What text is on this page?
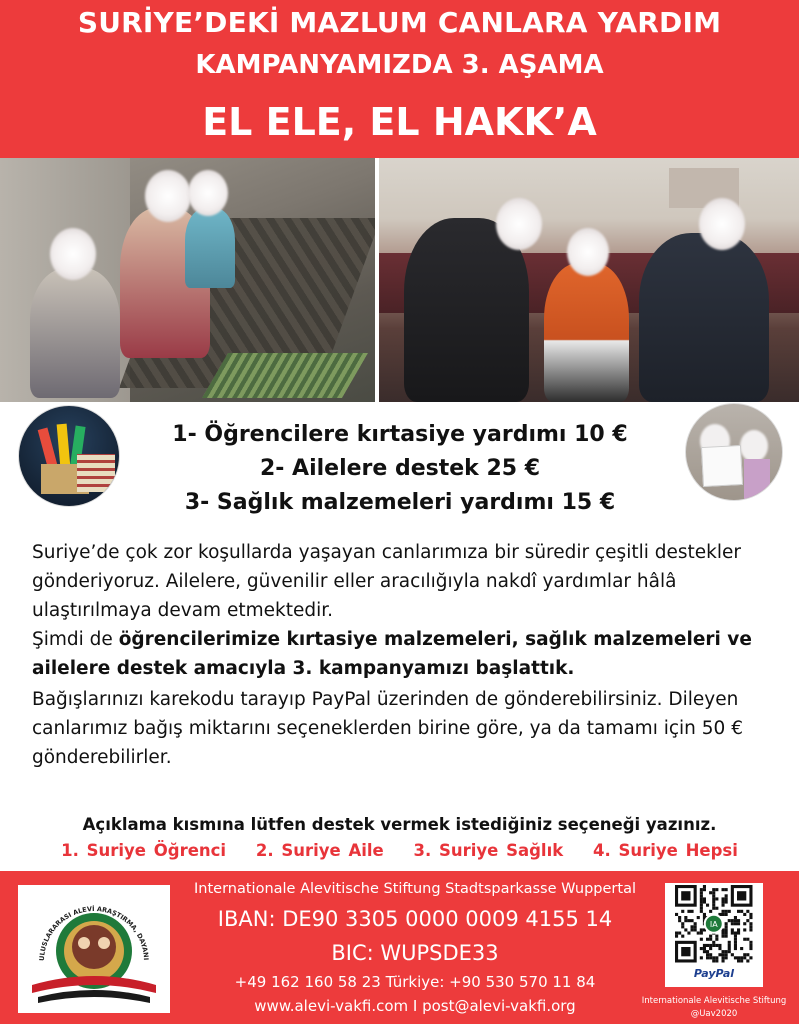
SURİYE’DEKİ MAZLUM CANLARA YARDIM
KAMPANYAMIZDA 3. AŞAMA
EL ELE, EL HAKK’A
1- Öğrencilere kırtasiye yardımı 10 €
2- Ailelere destek 25 €
3- Sağlık malzemeleri yardımı 15 €
Suriye’de çok zor koşullarda yaşayan canlarımıza bir süredir çeşitli destekler gönderiyoruz. Ailelere, güvenilir eller aracılığıyla nakdî yardımlar hâlâ ulaştırılmaya devam etmektedir.
Şimdi de öğrencilerimize kırtasiye malzemeleri, sağlık malzemeleri ve ailelere destek amacıyla 3. kampanyamızı başlattık.
Bağışlarınızı karekodu tarayıp PayPal üzerinden de gönderebilirsiniz. Dileyen canlarımız bağış miktarını seçeneklerden birine göre, ya da tamamı için 50 € gönderebilirler.
Açıklama kısmına lütfen destek vermek istediğiniz seçeneği yazınız.
1. Suriye Öğrenci 2. Suriye Aile 3. Suriye Sağlık 4. Suriye Hepsi
ULUSLARARASI ALEVİ ARAŞTIRMA, DAYANI
Internationale Alevitische Stiftung Stadtsparkasse Wuppertal
IBAN: DE90 3305 0000 0009 4155 14
BIC: WUPSDE33
+49 162 160 58 23 Türkiye: +90 530 570 11 84
www.alevi-vakfi.com I post@alevi-vakfi.org
IA
PayPal
Internationale Alevitische Stiftung
@Uav2020
